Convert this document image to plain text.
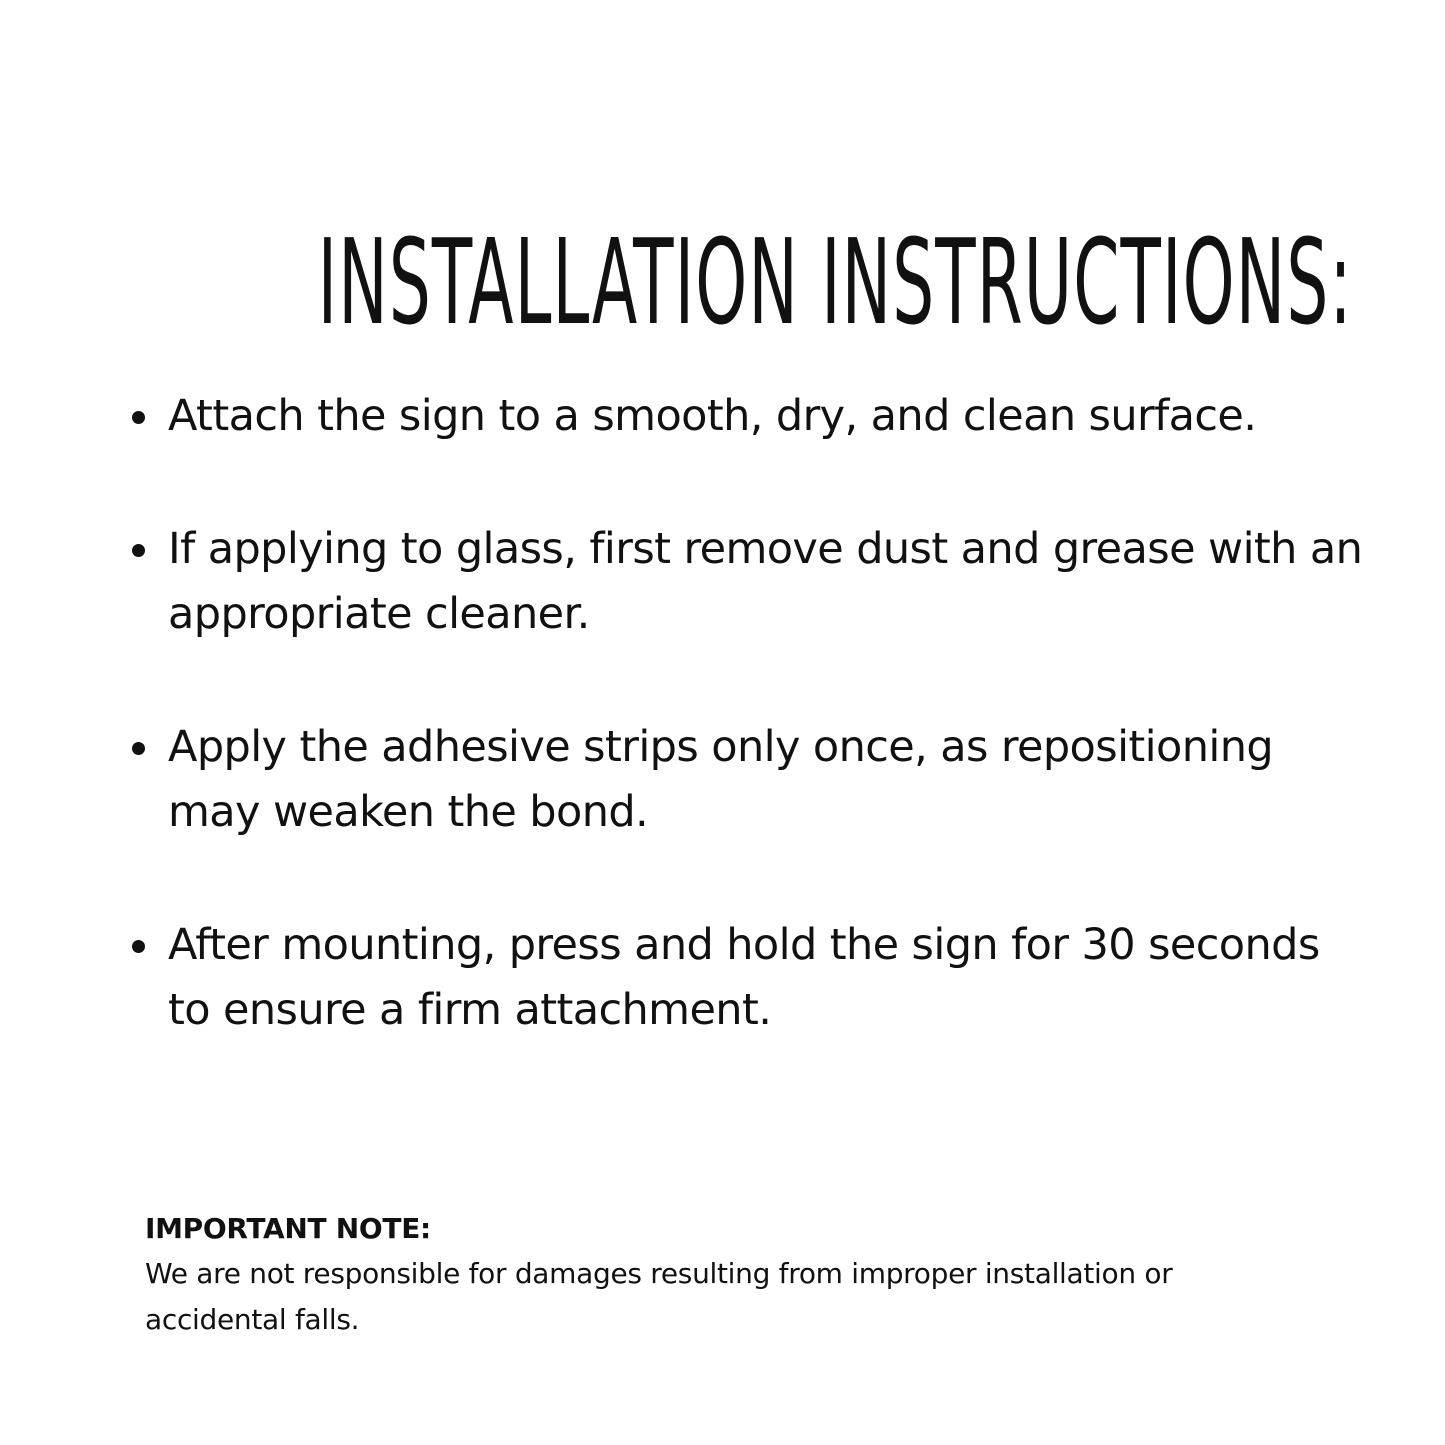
INSTALLATION INSTRUCTIONS:
Attach the sign to a smooth, dry, and clean surface.
If applying to glass, first remove dust and grease with an appropriate cleaner.
Apply the adhesive strips only once, as repositioning may weaken the bond.
After mounting, press and hold the sign for 30 seconds to ensure a firm attachment.
IMPORTANT NOTE:
We are not responsible for damages resulting from improper installation or accidental falls.
